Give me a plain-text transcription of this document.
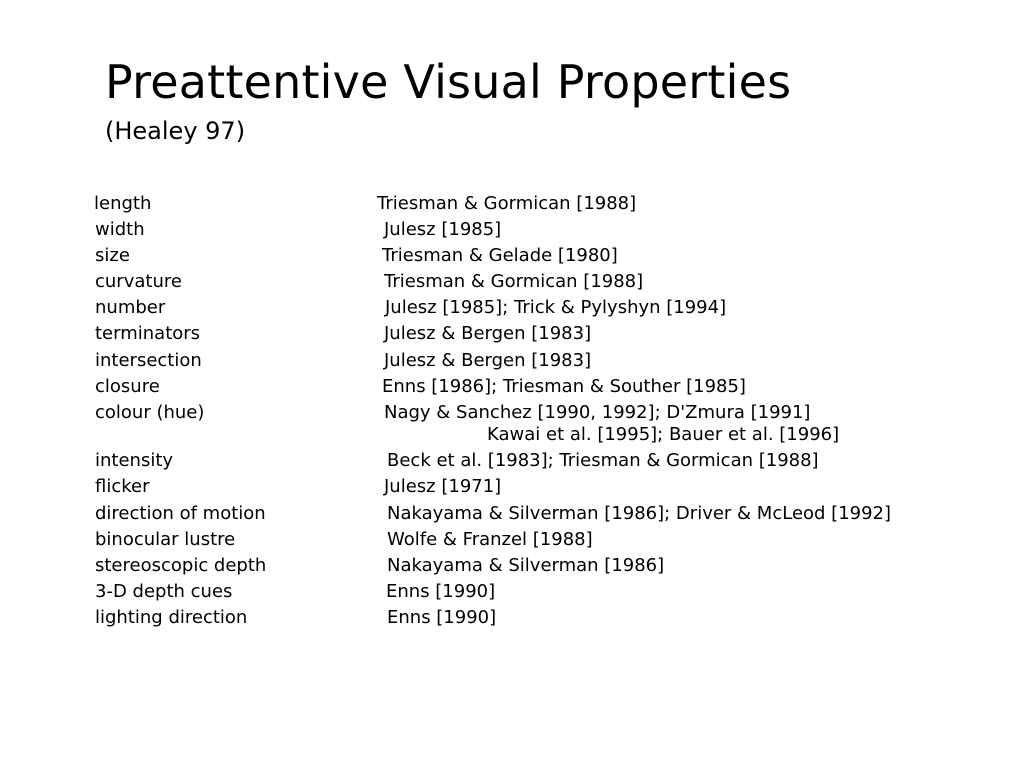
Preattentive Visual Properties
(Healey 97)
length	Triesman & Gormican [1988]
width	Julesz [1985]
size	Triesman & Gelade [1980]
curvature	Triesman & Gormican [1988]
number	Julesz [1985]; Trick & Pylyshyn [1994]
terminators	Julesz & Bergen [1983]
intersection	Julesz & Bergen [1983]
closure	Enns [1986]; Triesman & Souther [1985]
colour (hue)	Nagy & Sanchez [1990, 1992]; D'Zmura [1991]
Kawai et al. [1995]; Bauer et al. [1996]
intensity	Beck et al. [1983]; Triesman & Gormican [1988]
flicker	Julesz [1971]
direction of motion	Nakayama & Silverman [1986]; Driver & McLeod [1992]
binocular lustre	Wolfe & Franzel [1988]
stereoscopic depth	Nakayama & Silverman [1986]
3-D depth cues	Enns [1990]
lighting direction	Enns [1990]
